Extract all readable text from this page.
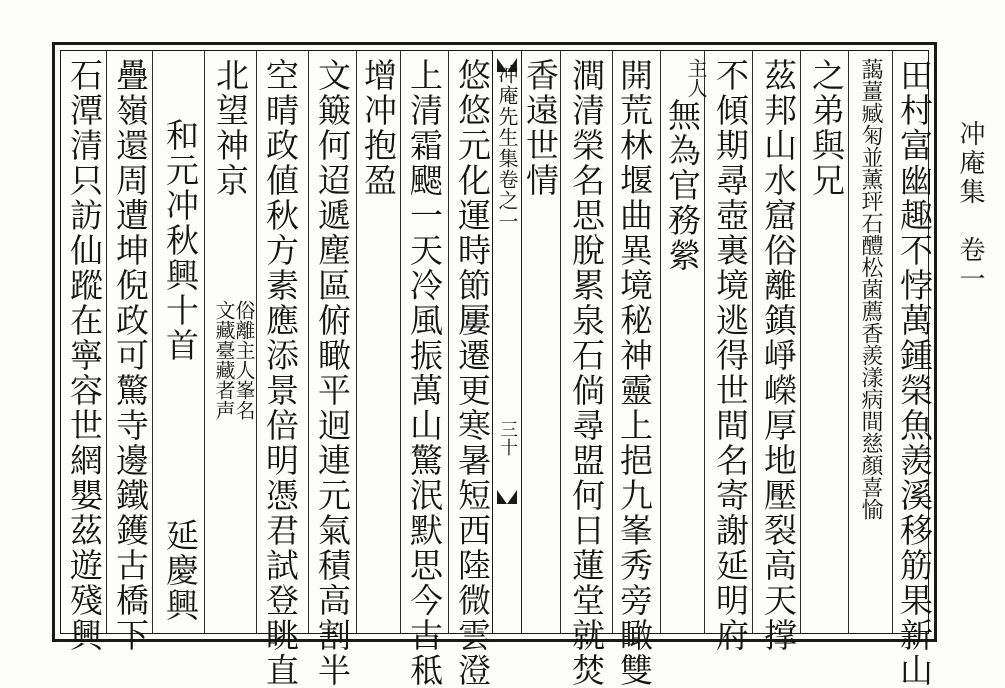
冲庵先生集卷之一
三十	田村富幽趣不悖萬鍾榮魚羨溪移筋果新山
藹薑臧匊並薰玶石醴松菌薦香羨漾病間慈顏喜愉
之弟與兄
茲邦山水窟俗離鎮崢嶸厚地壓裂高天撑
不傾期尋壺裏境逃得世間名寄謝延明府
主人
無為官務縈
開荒林堰曲異境秘神靈上挹九峯秀旁瞰雙
澗清榮名思脫累泉石倘尋盟何日蓮堂就焚
香遠世情
悠悠元化運時節屢遷更寒暑短西陸微雲澄
上清霜颸一天冷風振萬山驚泯默思今古秪
增冲抱盈
文簸何迢遞塵區俯瞰平迥連元氣積高割半
空晴政値秋方素應添景倍明憑君試登眺直
北望神京
俗離主人峯名文藏臺藏者声
和元冲秋興十首
延慶興
疊嶺還周遭坤倪政可驚寺邊鐵鑊古橋下
石潭清只訪仙蹤在寧容世網嬰茲遊殘興	冲庵集　卷一
